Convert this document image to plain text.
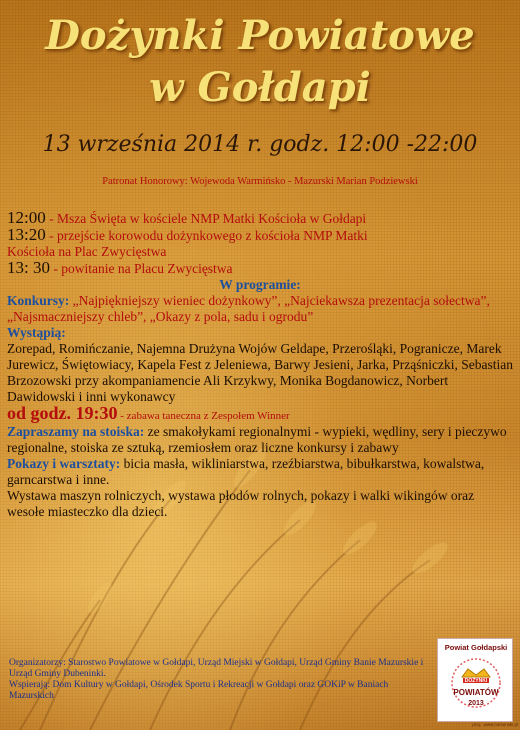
Dożynki Powiatowe
w Gołdapi
13 września 2014 r. godz. 12:00 -22:00
Patronat Honorowy: Wojewoda Warmińsko - Mazurski Marian Podziewski
12:00 - Msza Święta w kościele NMP Matki Kościoła w Gołdapi
13:20 - przejście korowodu dożynkowego z kościoła NMP Matki
Kościoła na Plac Zwycięstwa
13: 30 - powitanie na Placu Zwycięstwa
W programie:
Konkursy: „Najpiękniejszy wieniec dożynkowy”, „Najciekawsza prezentacja sołectwa”, „Najsmaczniejszy chleb”, „Okazy z pola, sadu i ogrodu”
Wystąpią:
Zorepad, Romińczanie, Najemna Drużyna Wojów Geldape, Przerośląki, Pogranicze, Marek Jurewicz, Świętowiacy, Kapela Fest z Jeleniewa, Barwy Jesieni, Jarka, Prząśniczki, Sebastian Brzozowski przy akompaniamencie Ali Krzykwy, Monika Bogdanowicz, Norbert Dawidowski i inni wykonawcy
od godz. 19:30 - zabawa taneczna z Zespołem Winner
Zapraszamy na stoiska: ze smakołykami regionalnymi - wypieki, wędliny, sery i pieczywo regionalne, stoiska ze sztuką, rzemiosłem oraz liczne konkursy i zabawy
Pokazy i warsztaty: bicia masła, wikliniarstwa, rzeźbiarstwa, bibułkarstwa, kowalstwa, garncarstwa i inne.
Wystawa maszyn rolniczych, wystawa płodów rolnych, pokazy i walki wikingów oraz wesołe miasteczko dla dzieci.
Organizatorzy: Starostwo Powiatowe w Gołdapi, Urząd Miejski w Gołdapi, Urząd Gminy Banie Mazurskie i Urząd Gminy Dubeninki.
Wspierają: Dom Kultury w Gołdapi, Ośrodek Sportu i Rekreacji w Gołdapi oraz GOKiP w Baniach Mazurskich
Powiat Gołdapski
DOŻYNKI
POWIATÓW
2013
proj.: www.mirsenski.pl
